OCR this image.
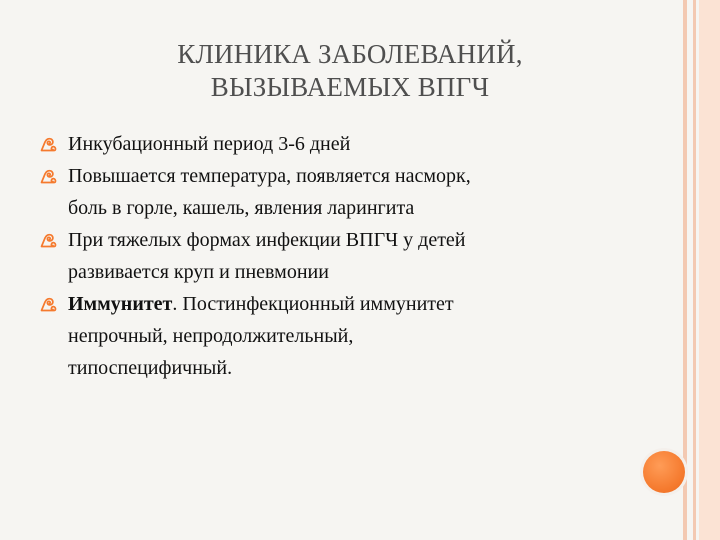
КЛИНИКА ЗАБОЛЕВАНИЙ,
ВЫЗЫВАЕМЫХ ВПГЧ
Инкубационный период 3-6 дней
Повышается температура, появляется насморк,
боль в горле, кашель, явления ларингита
При тяжелых формах инфекции ВПГЧ у детей
развивается круп и пневмонии
Иммунитет. Постинфекционный иммунитет
непрочный, непродолжительный,
типоспецифичный.
